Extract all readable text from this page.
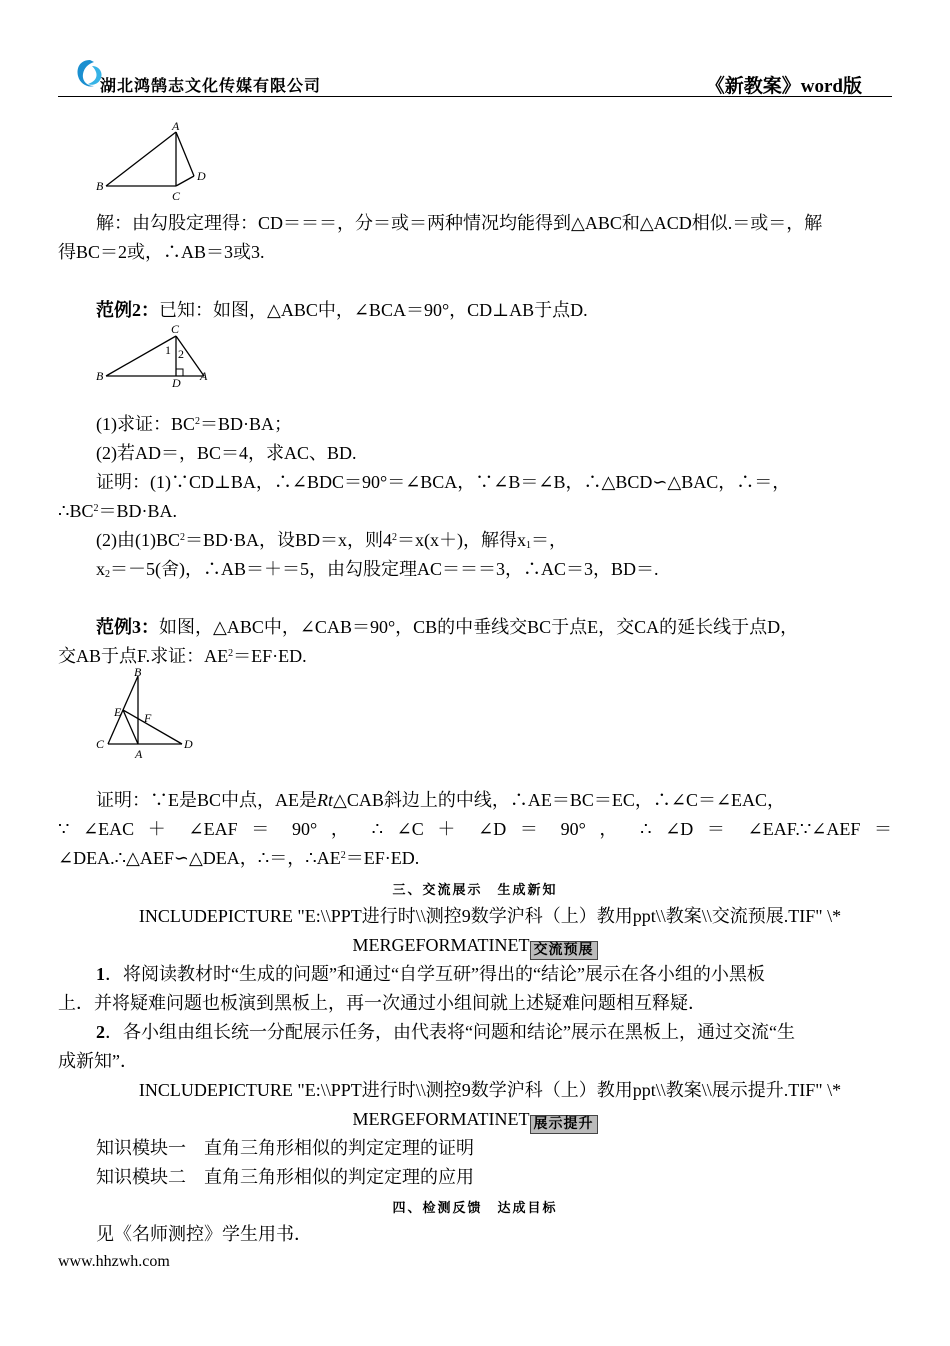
湖北鸿鹄志文化传媒有限公司	《新教案》word版
A
B
C
D
解：由勾股定理得：CD＝＝＝，分＝或＝两种情况均能得到△ABC和△ACD相似.＝或＝，解
得BC＝2或，∴AB＝3或3.
范例2：已知：如图，△ABC中，∠BCA＝90°，CD⊥AB于点D.
C
1 2
B	D A
(1)求证：$BC^2=BD\cdot BA$；
(2)若AD＝，BC＝4，求AC、BD.
证明：(1)∵CD⊥BA，∴∠BDC＝90°＝∠BCA，∵∠B＝∠B，∴△BCD∽△BAC，∴＝，
$\therefore BC^2=BD\cdot BA$.
(2)由$(1)BC^2=BD\cdot BA$，设BD＝x，则$4^2=x(x+)$，解得$x_1=$，
$x_2=-5$(舍)，∴AB＝＋＝5，由勾股定理AC＝＝＝3，∴AC＝3，BD＝.
范例3：如图，△ABC中，∠CAB＝90°，CB的中垂线交BC于点E，交CA的延长线于点D，
交AB于点F.求证：$AE^2=EF\cdot ED$.
B
E F
C
A
D
证明：∵E是BC中点，AE是Rt△CAB斜边上的中线，∴AE＝BC＝EC，∴∠C＝∠EAC，
∵ ∠EAC ＋ ∠EAF ＝ 90° ， ∴ ∠C ＋ ∠D ＝ 90° ， ∴ ∠D ＝ ∠EAF.∵∠AEF ＝
∠DEA.∴△AEF∽△DEA，∴＝，$\therefore AE^2=EF\cdot ED$.
三、交流展示　生成新知
INCLUDEPICTURE "E:\\PPT进行时\\测控9数学沪科（上）教用ppt\\教案\\交流预展.TIF" \*
MERGEFORMATINET 交流预展
1．将阅读教材时“生成的问题”和通过“自学互研”得出的“结论”展示在各小组的小黑板
上．并将疑难问题也板演到黑板上，再一次通过小组间就上述疑难问题相互释疑．
2．各小组由组长统一分配展示任务，由代表将“问题和结论”展示在黑板上，通过交流“生
成新知”．
INCLUDEPICTURE "E:\\PPT进行时\\测控9数学沪科（上）教用ppt\\教案\\展示提升.TIF" \*
MERGEFORMATINET 展示提升
知识模块一　直角三角形相似的判定定理的证明
知识模块二　直角三角形相似的判定定理的应用
四、检测反馈　达成目标
见《名师测控》学生用书．
www.hhzwh.com
